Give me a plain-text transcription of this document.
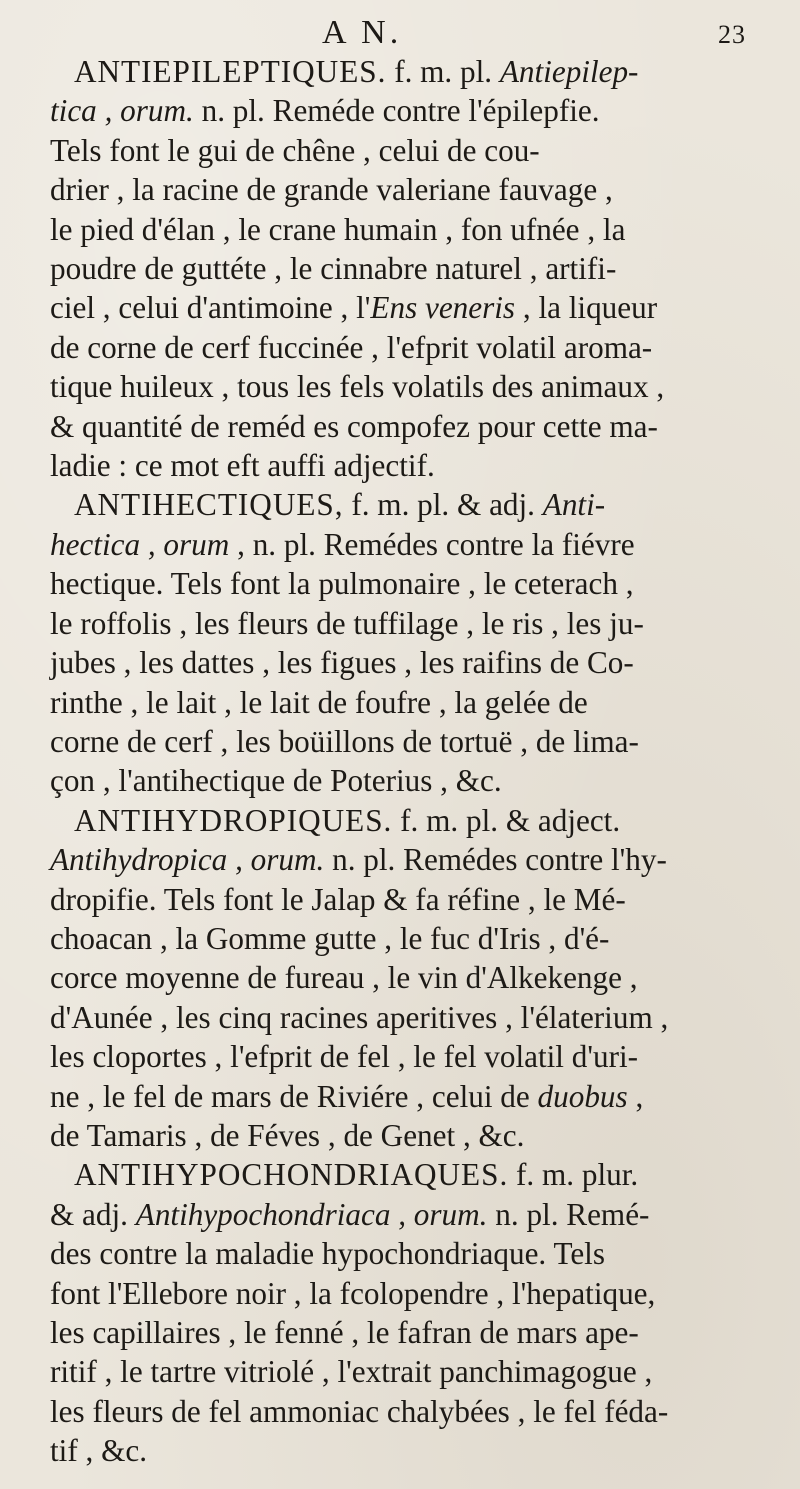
A N.	23

ANTIEPILEPTIQUES. f. m. pl. Antiepilep-
tica , orum. n. pl. Reméde contre l'épilepfie.
Tels font le gui de chêne , celui de cou-
drier , la racine de grande valeriane fauvage ,
le pied d'élan , le crane humain , fon ufnée , la
poudre de guttéte , le cinnabre naturel , artifi-
ciel , celui d'antimoine , l'Ens veneris , la liqueur
de corne de cerf fuccinée , l'efprit volatil aroma-
tique huileux , tous les fels volatils des animaux ,
& quantité de reméd es compofez pour cette ma-
ladie : ce mot eft auffi adjectif.

ANTIHECTIQUES, f. m. pl. & adj. Anti-
hectica , orum , n. pl. Remédes contre la fiévre
hectique. Tels font la pulmonaire , le ceterach ,
le roffolis , les fleurs de tuffilage , le ris , les ju-
jubes , les dattes , les figues , les raifins de Co-
rinthe , le lait , le lait de foufre , la gelée de
corne de cerf , les boüillons de tortuë , de lima-
çon , l'antihectique de Poterius , &c.

ANTIHYDROPIQUES. f. m. pl. & adject.
Antihydropica , orum. n. pl. Remédes contre l'hy-
dropifie. Tels font le Jalap & fa réfine , le Mé-
choacan , la Gomme gutte , le fuc d'Iris , d'é-
corce moyenne de fureau , le vin d'Alkekenge ,
d'Aunée , les cinq racines aperitives , l'élaterium ,
les cloportes , l'efprit de fel , le fel volatil d'uri-
ne , le fel de mars de Riviére , celui de duobus ,
de Tamaris , de Féves , de Genet , &c.

ANTIHYPOCHONDRIAQUES. f. m. plur.
& adj. Antihypochondriaca , orum. n. pl. Remé-
des contre la maladie hypochondriaque. Tels
font l'Ellebore noir , la fcolopendre , l'hepatique,
les capillaires , le fenné , le fafran de mars ape-
ritif , le tartre vitriolé , l'extrait panchimagogue ,
les fleurs de fel ammoniac chalybées , le fel féda-
tif , &c.
